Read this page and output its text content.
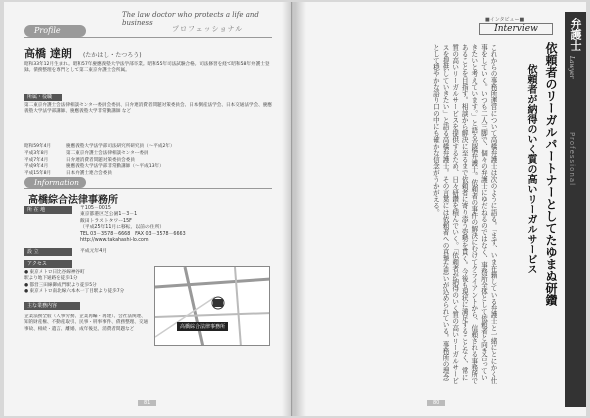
The law doctor who protects a life and business
Profile	プロフェッショナル
高橋 達朗 (たかはし・たつろう)
昭和33年12月生まれ。昭和57年慶應義塾大学法学部卒業。昭和55年司法試験合格。司法修習を経て昭和58年弁護士登録。債務整理を専門として第二東京弁護士会所属。
所属・役職
第二東京弁護士会法律相談センター委員会委員、日弁連消費者問題対策委員会、日本倒産法学会、日本交通法学会、慶應義塾大学法学部講師、慶應義塾大学非常勤講師 など
昭和59年4月	慶應義塾大学法学部司法研究所研究員（～平成2年）
平成3年8月	第二東京弁護士会法律相談センター委員
平成7年4月	日弁連消費者問題対策委員会委員
平成9年4月	慶應義塾大学法学部非常勤講師（～平成13年）
平成15年8月	日本弁護士連合会委員
Information
高橋綜合法律事務所
所 在 地	〒105－0015
東京都港区芝公園1－3－1
飯田トラストタワー15F
（平成25年11月に移転、以前の住所）
TEL 03－3578－6668　 FAX 03－3578－6663
http://www.takahashi-lo.com
設 立	平成元年4月
アクセス
● 東京メトロ日比谷線神谷町
駅より地下通路を徒歩1分
● 都営三田線御成門駅より徒歩5分
● 東京メトロ南北線六本木一丁目駅より徒歩7分
高橋綜合法律事務所
主な業務内容
企業法務全般（人事労務、企業再編・再建）、会社法関連、知的財産権、不動産取引、民事・刑事事件、債務整理、交通事故、相続・遺言、離婚、成年後見、消費者問題など
81
■インタビュー■
Interview	弁護士
Lawyer
Professional
依頼者のリーガルパートナーとしてたゆまぬ研鑽
依頼者が納得のいく質の高いリーガルサービス
これからの事務所運営について高橋弁護士は次のように語る。「まず、いま在籍している弁護士と一緒にとにかく仕事をしていく。いつも二人三脚で、個々の弁護士にゆだねるのではなく、事務所全体として依頼者と向き合っていきたいと考えています。」と語る高橋弁護士。依頼者の事件の解決にむけてクライアントから、信頼される事務所であることを目指す。相談から解決に至るまで依頼者に寄り添う姿勢を貫く。今後も現状に満足することなく、常に質の高いリーガルサービスを提供するため、日々研鑽を積んでいく。「依頼者が納得のいく質の高いリーガルサービスを提供していきたい」と語る高橋弁護士。その言葉には依頼者への真摯な思いが込められている。事務所の理念として穏やかな語り口の中にも確かな信念がうかがえる。
80
